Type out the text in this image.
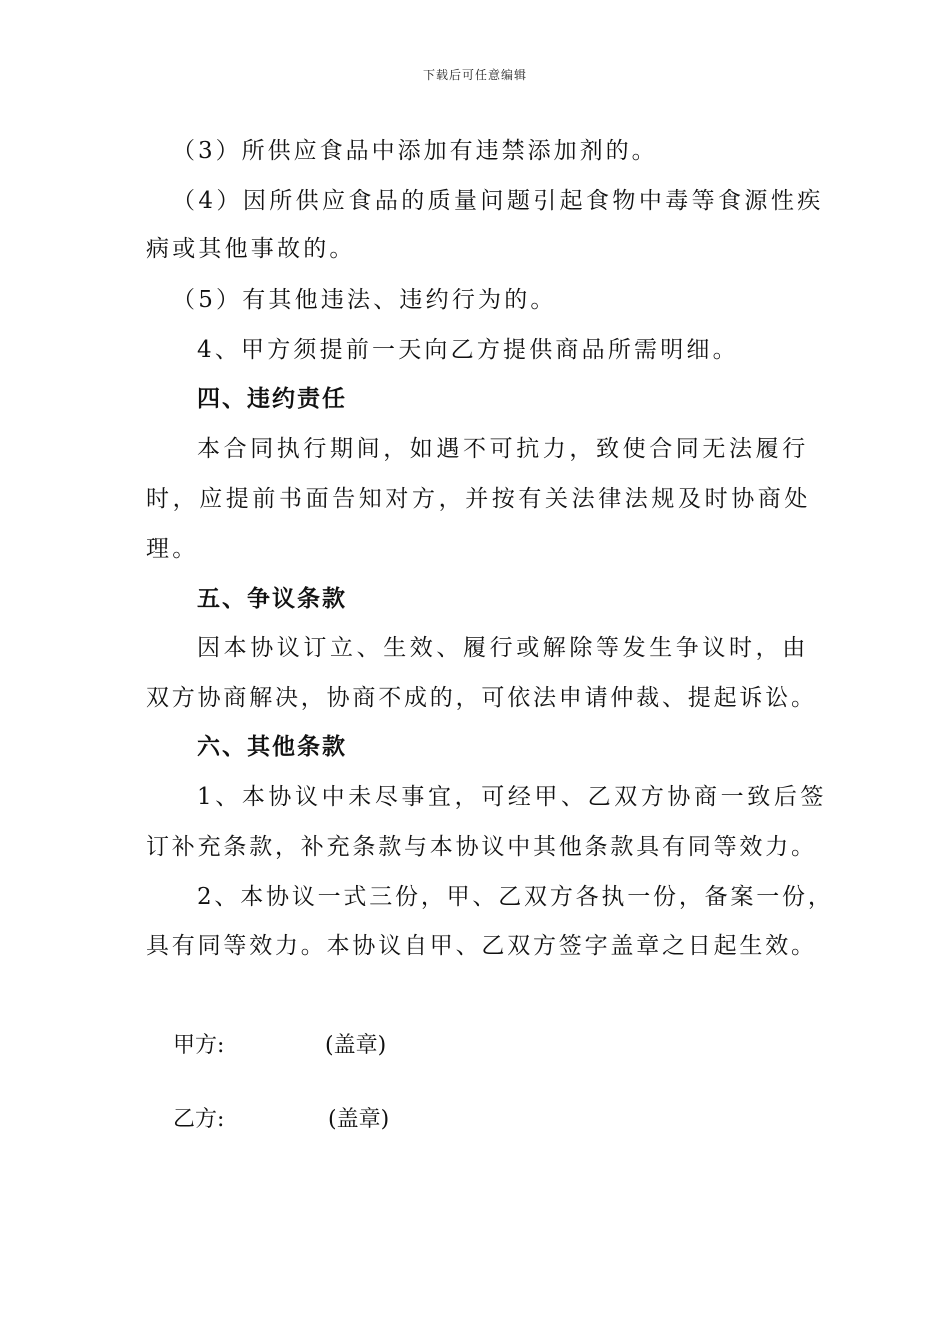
下载后可任意编辑
（3）所供应食品中添加有违禁添加剂的。
（4）因所供应食品的质量问题引起食物中毒等食源性疾
病或其他事故的。
（5）有其他违法、违约行为的。
4、甲方须提前一天向乙方提供商品所需明细。
四、违约责任
本合同执行期间，如遇不可抗力，致使合同无法履行
时，应提前书面告知对方，并按有关法律法规及时协商处
理。
五、争议条款
因本协议订立、生效、履行或解除等发生争议时，由
双方协商解决，协商不成的，可依法申请仲裁、提起诉讼。
六、其他条款
1、本协议中未尽事宜，可经甲、乙双方协商一致后签
订补充条款，补充条款与本协议中其他条款具有同等效力。
2、本协议一式三份，甲、乙双方各执一份，备案一份，
具有同等效力。本协议自甲、乙双方签字盖章之日起生效。
甲方:	(盖章)
乙方:	(盖章)
